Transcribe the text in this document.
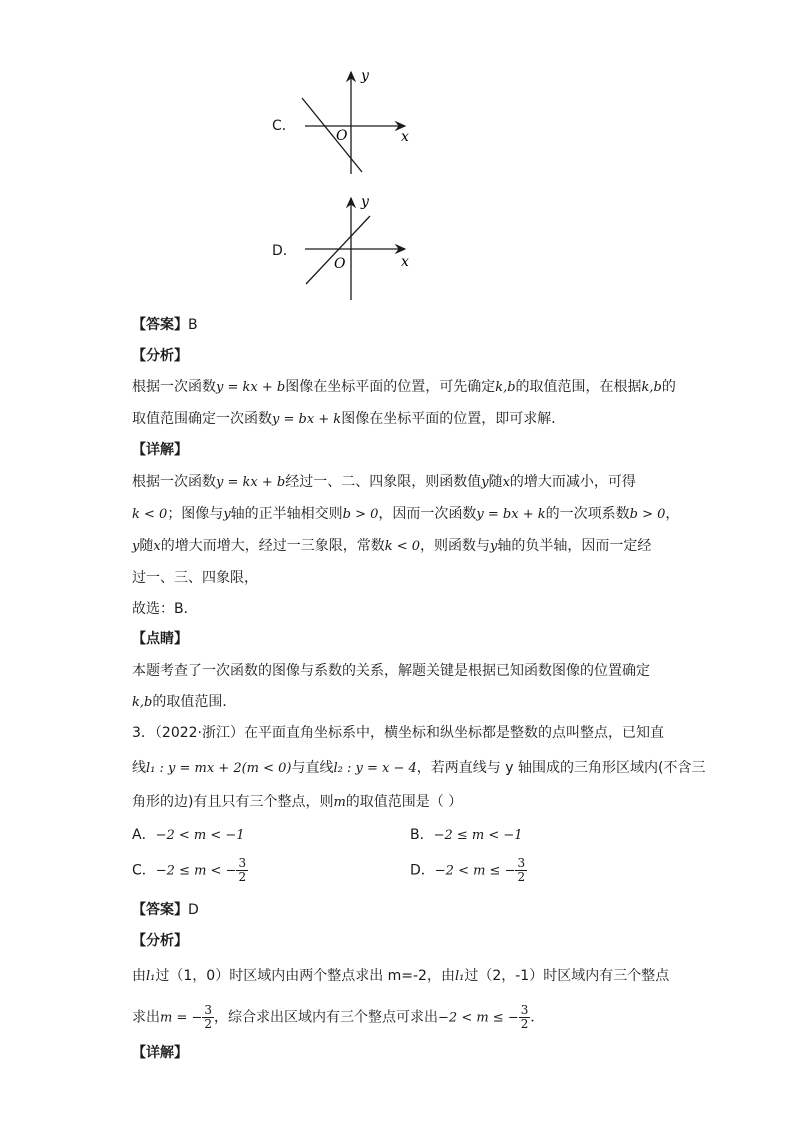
C．
y
x
O
D．
y
x
O
【答案】B
【分析】
根据一次函数y = kx + b图像在坐标平面的位置，可先确定k,b的取值范围，在根据k,b的
取值范围确定一次函数y = bx + k图像在坐标平面的位置，即可求解．
【详解】
根据一次函数y = kx + b经过一、二、四象限，则函数值y随x的增大而减小，可得
k < 0；图像与y轴的正半轴相交则b > 0，因而一次函数y = bx + k的一次项系数b > 0，
y随x的增大而增大，经过一三象限，常数k < 0，则函数与y轴的负半轴，因而一定经
过一、三、四象限，
故选：B．
【点睛】
本题考查了一次函数的图像与系数的关系，解题关键是根据已知函数图像的位置确定
k,b的取值范围．
3．（2022·浙江）在平面直角坐标系中，横坐标和纵坐标都是整数的点叫整点，已知直
线l₁ : y = mx + 2(m < 0)与直线l₂ : y = x − 4，若两直线与 y 轴围成的三角形区域内(不含三
角形的边)有且只有三个整点，则m的取值范围是（ ）
A．−2 < m < −1	B．−2 ≤ m < −1
C．−2 ≤ m < − $\frac{3}{2}$	D．−2 < m ≤ − $\frac{3}{2}$
【答案】D
【分析】
由l₁过（1，0）时区域内由两个整点求出 m=-2，由l₁过（2，-1）时区域内有三个整点
求出m = − $\frac{3}{2}$ ，综合求出区域内有三个整点可求出−2 < m ≤ − $\frac{3}{2}$ ．
【详解】
